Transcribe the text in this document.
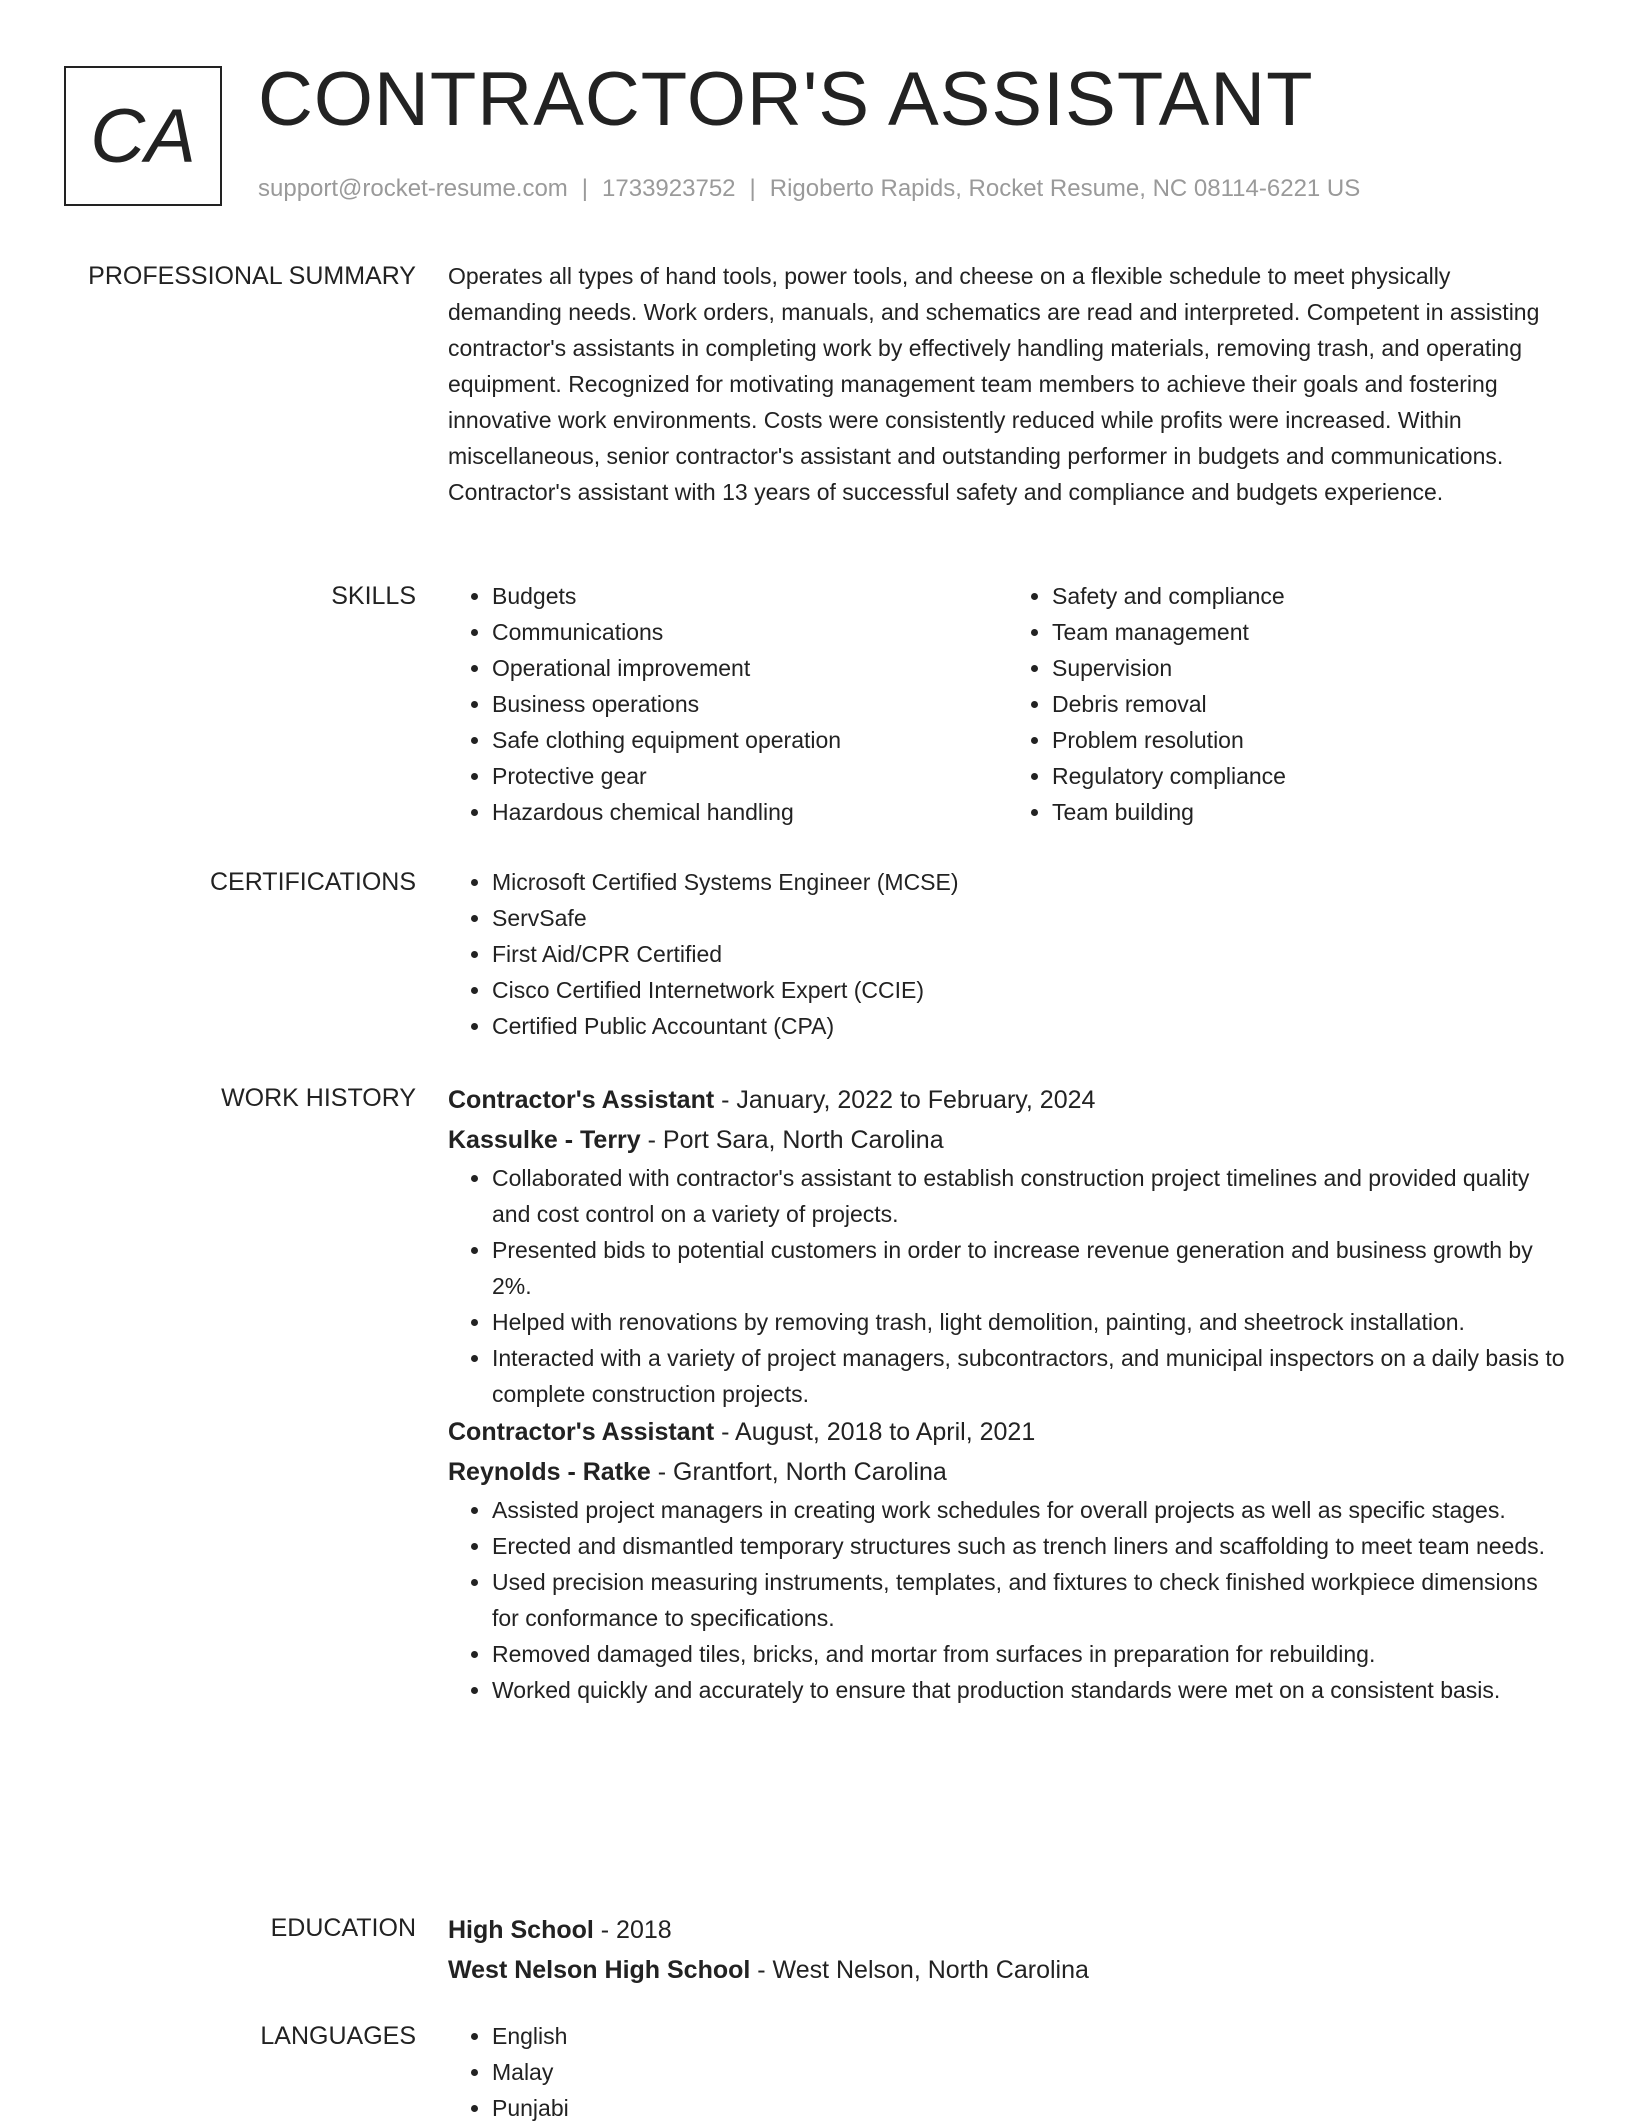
CA CONTRACTOR'S ASSISTANT
support@rocket-resume.com | 1733923752 | Rigoberto Rapids, Rocket Resume, NC 08114-6221 US
PROFESSIONAL SUMMARY Operates all types of hand tools, power tools, and cheese on a flexible schedule to meet physically demanding needs. Work orders, manuals, and schematics are read and interpreted. Competent in assisting contractor's assistants in completing work by effectively handling materials, removing trash, and operating equipment. Recognized for motivating management team members to achieve their goals and fostering innovative work environments. Costs were consistently reduced while profits were increased. Within miscellaneous, senior contractor's assistant and outstanding performer in budgets and communications. Contractor's assistant with 13 years of successful safety and compliance and budgets experience.
SKILLS	• Budgets
• Communications
• Operational improvement
• Business operations
• Safe clothing equipment operation
• Protective gear
• Hazardous chemical handling
• Safety and compliance
• Team management
• Supervision
• Debris removal
• Problem resolution
• Regulatory compliance
• Team building
CERTIFICATIONS	• Microsoft Certified Systems Engineer (MCSE)
• ServSafe
• First Aid/CPR Certified
• Cisco Certified Internetwork Expert (CCIE)
• Certified Public Accountant (CPA)
WORK HISTORY Contractor's Assistant - January, 2022 to February, 2024
Kassulke - Terry - Port Sara, North Carolina
• Collaborated with contractor's assistant to establish construction project timelines and provided quality and cost control on a variety of projects.
• Presented bids to potential customers in order to increase revenue generation and business growth by 2%.
• Helped with renovations by removing trash, light demolition, painting, and sheetrock installation.
• Interacted with a variety of project managers, subcontractors, and municipal inspectors on a daily basis to complete construction projects.
Contractor's Assistant - August, 2018 to April, 2021
Reynolds - Ratke - Grantfort, North Carolina
• Assisted project managers in creating work schedules for overall projects as well as specific stages.
• Erected and dismantled temporary structures such as trench liners and scaffolding to meet team needs.
• Used precision measuring instruments, templates, and fixtures to check finished workpiece dimensions for conformance to specifications.
• Removed damaged tiles, bricks, and mortar from surfaces in preparation for rebuilding.
• Worked quickly and accurately to ensure that production standards were met on a consistent basis.
EDUCATION High School - 2018
West Nelson High School - West Nelson, North Carolina
LANGUAGES	• English
• Malay
• Punjabi
